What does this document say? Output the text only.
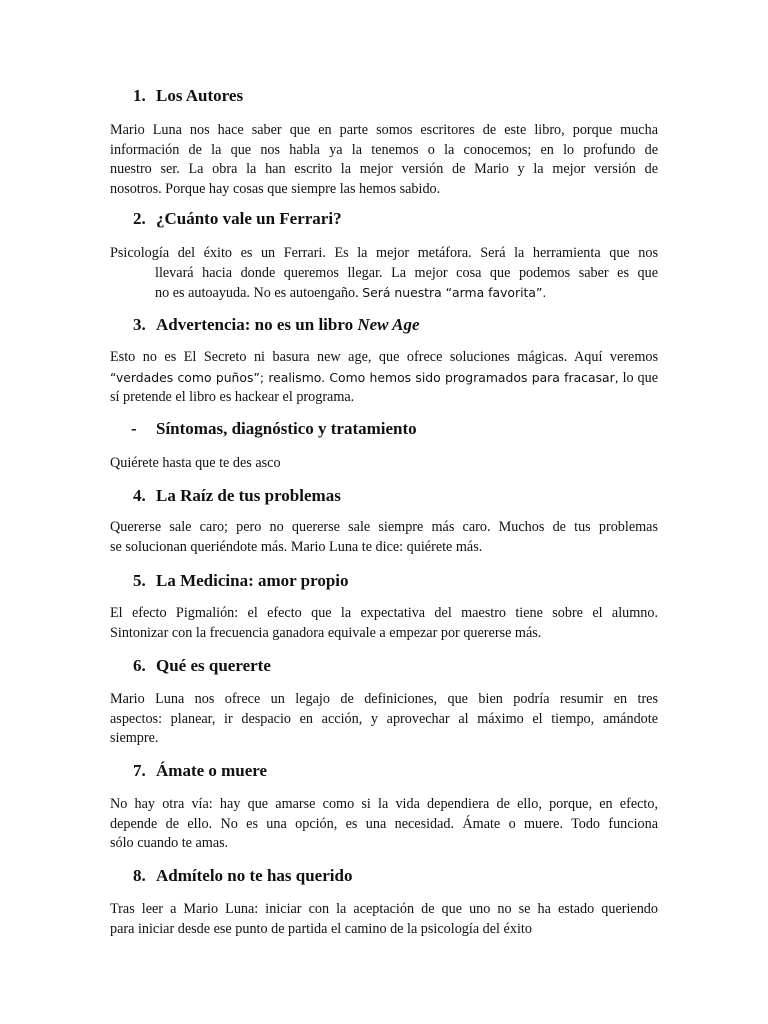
1. Los Autores
Mario Luna nos hace saber que en parte somos escritores de este libro, porque mucha
información de la que nos habla ya la tenemos o la conocemos; en lo profundo de
nuestro ser. La obra la han escrito la mejor versión de Mario y la mejor versión de
nosotros. Porque hay cosas que siempre las hemos sabido.
2. ¿Cuánto vale un Ferrari?
Psicología del éxito es un Ferrari. Es la mejor metáfora. Será la herramienta que nos
llevará hacia donde queremos llegar. La mejor cosa que podemos saber es que
no es autoayuda. No es autoengaño. Será nuestra “arma favorita”.
3. Advertencia: no es un libro New Age
Esto no es El Secreto ni basura new age, que ofrece soluciones mágicas. Aquí veremos
“verdades como puños”; realismo. Como hemos sido programados para fracasar, lo que
sí pretende el libro es hackear el programa.
- Síntomas, diagnóstico y tratamiento
Quiérete hasta que te des asco
4. La Raíz de tus problemas
Quererse sale caro; pero no quererse sale siempre más caro. Muchos de tus problemas
se solucionan queriéndote más. Mario Luna te dice: quiérete más.
5. La Medicina: amor propio
El efecto Pigmalión: el efecto que la expectativa del maestro tiene sobre el alumno.
Sintonizar con la frecuencia ganadora equivale a empezar por quererse más.
6. Qué es quererte
Mario Luna nos ofrece un legajo de definiciones, que bien podría resumir en tres
aspectos: planear, ir despacio en acción, y aprovechar al máximo el tiempo, amándote
siempre.
7. Ámate o muere
No hay otra vía: hay que amarse como si la vida dependiera de ello, porque, en efecto,
depende de ello. No es una opción, es una necesidad. Ámate o muere. Todo funciona
sólo cuando te amas.
8. Admítelo no te has querido
Tras leer a Mario Luna: iniciar con la aceptación de que uno no se ha estado queriendo
para iniciar desde ese punto de partida el camino de la psicología del éxito
